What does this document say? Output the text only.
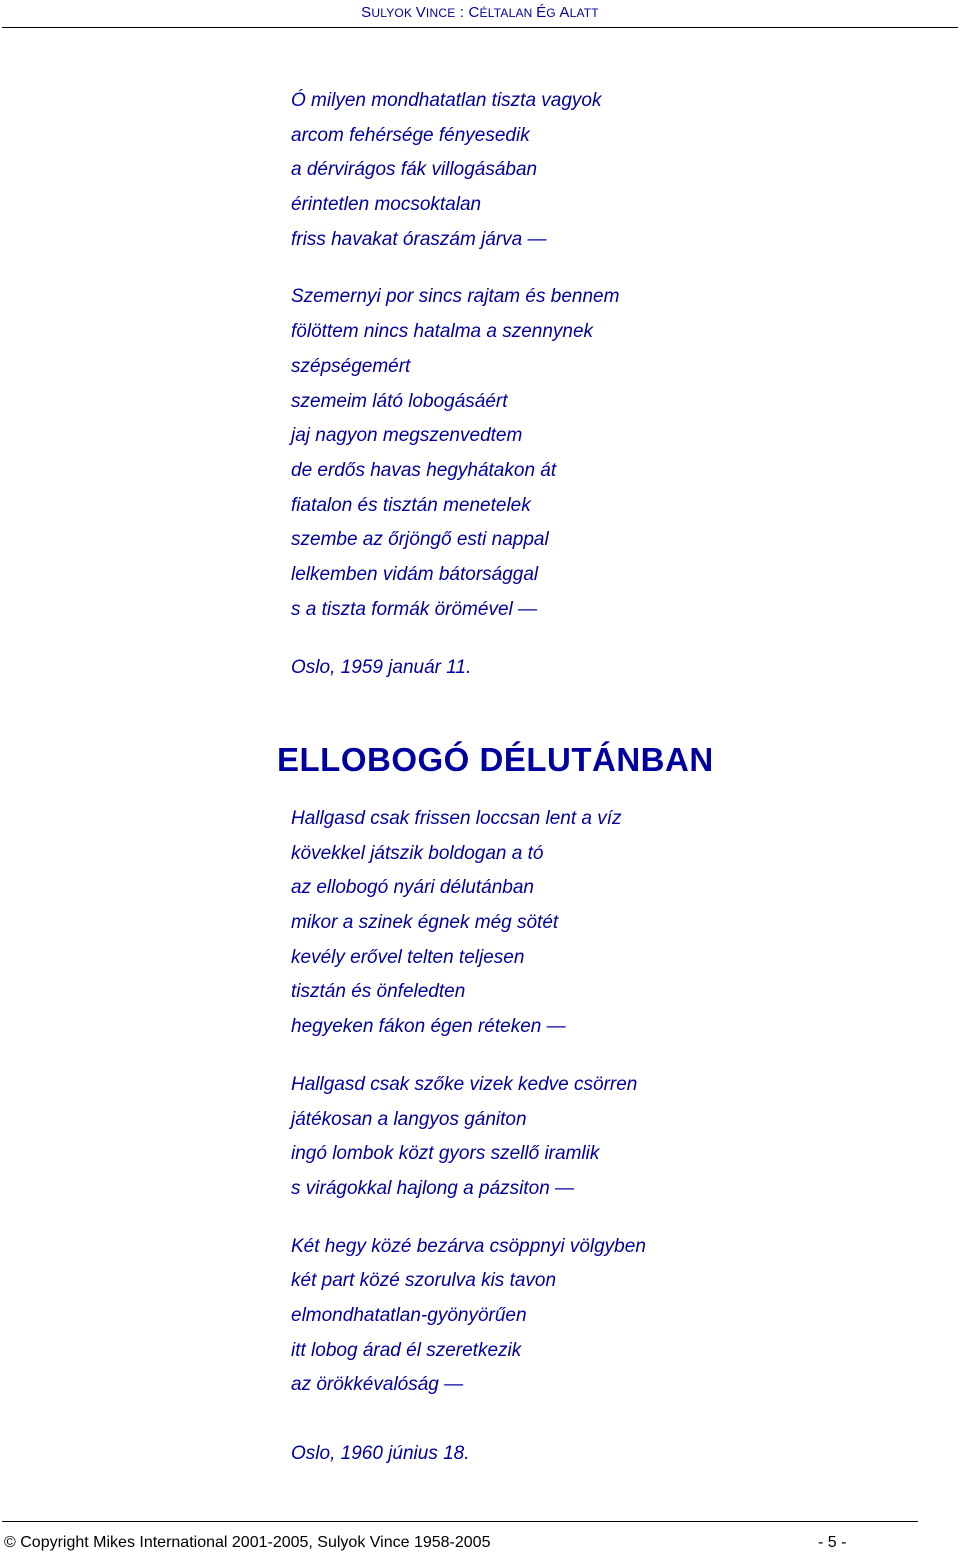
SULYOK VINCE : CÉLTALAN ÉG ALATT
Ó milyen mondhatatlan tiszta vagyok
arcom fehérsége fényesedik
a dérvirágos fák villogásában
érintetlen mocsoktalan
friss havakat óraszám járva —
Szemernyi por sincs rajtam és bennem
fölöttem nincs hatalma a szennynek
szépségemért
szemeim látó lobogásáért
jaj nagyon megszenvedtem
de erdős havas hegyhátakon át
fiatalon és tisztán menetelek
szembe az őrjöngő esti nappal
lelkemben vidám bátorsággal
s a tiszta formák örömével —
Oslo, 1959 január 11.
ELLOBOGÓ DÉLUTÁNBAN
Hallgasd csak frissen loccsan lent a víz
kövekkel játszik boldogan a tó
az ellobogó nyári délutánban
mikor a szinek égnek még sötét
kevély erővel telten teljesen
tisztán és önfeledten
hegyeken fákon égen réteken —
Hallgasd csak szőke vizek kedve csörren
játékosan a langyos gániton
ingó lombok közt gyors szellő iramlik
s virágokkal hajlong a pázsiton —
Két hegy közé bezárva csöppnyi völgyben
két part közé szorulva kis tavon
elmondhatatlan-gyönyörűen
itt lobog árad él szeretkezik
az örökkévalóság —
Oslo, 1960 június 18.
© Copyright Mikes International 2001-2005, Sulyok Vince 1958-2005	- 5 -
